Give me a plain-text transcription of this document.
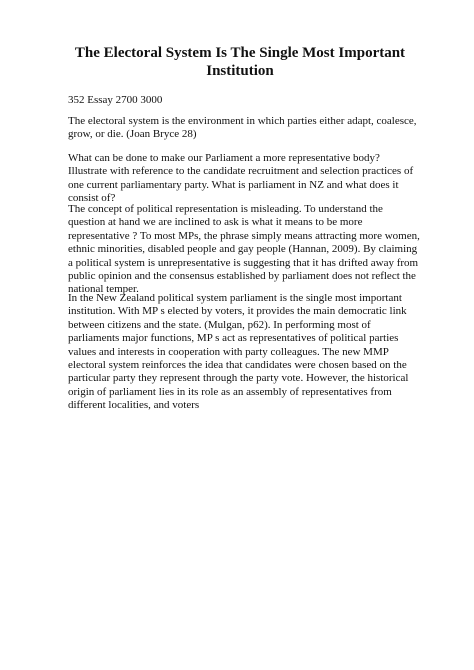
The Electoral System Is The Single Most Important Institution

352 Essay 2700 3000

The electoral system is the environment in which parties either adapt, coalesce, grow, or die. (Joan Bryce 28)

What can be done to make our Parliament a more representative body? Illustrate with reference to the candidate recruitment and selection practices of one current parliamentary party. What is parliament in NZ and what does it consist of?

The concept of political representation is misleading. To understand the question at hand we are inclined to ask is what it means to be more representative ? To most MPs, the phrase simply means attracting more women, ethnic minorities, disabled people and gay people (Hannan, 2009). By claiming a political system is unrepresentative is suggesting that it has drifted away from public opinion and the consensus established by parliament does not reflect the national temper.

In the New Zealand political system parliament is the single most important institution. With MP s elected by voters, it provides the main democratic link between citizens and the state. (Mulgan, p62). In performing most of parliaments major functions, MP s act as representatives of political parties values and interests in cooperation with party colleagues. The new MMP electoral system reinforces the idea that candidates were chosen based on the particular party they represent through the party vote. However, the historical origin of parliament lies in its role as an assembly of representatives from different localities, and voters
